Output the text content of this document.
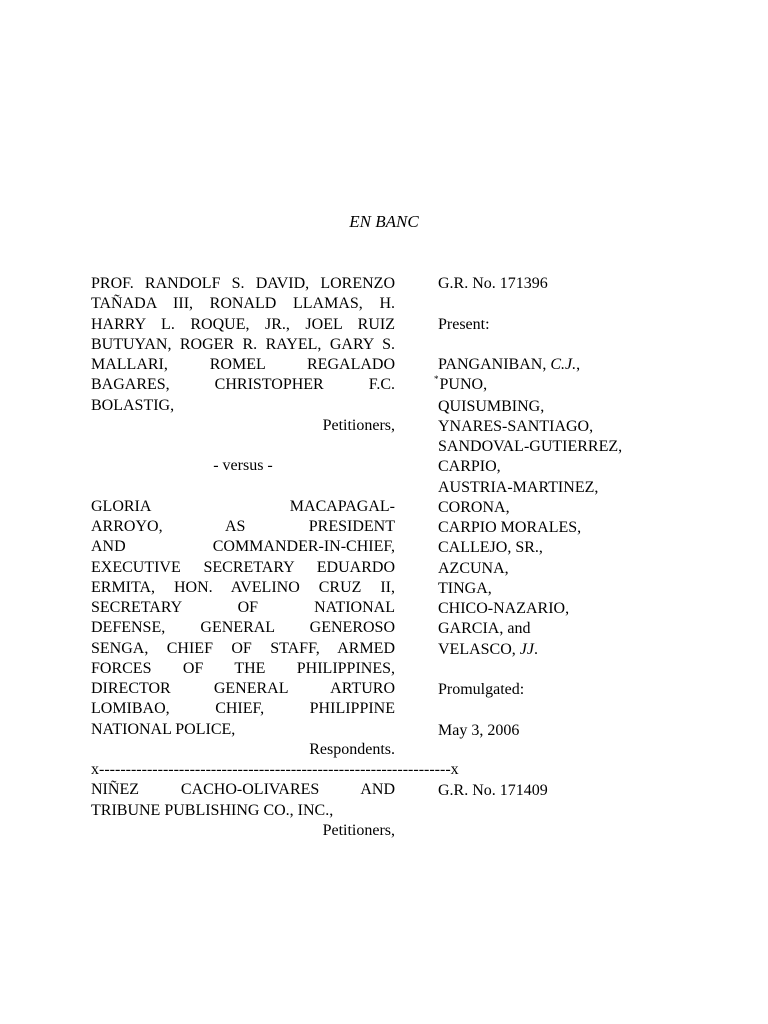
EN BANC
PROF. RANDOLF S. DAVID, LORENZO TAÑADA III, RONALD LLAMAS, H. HARRY L. ROQUE, JR., JOEL RUIZ BUTUYAN, ROGER R. RAYEL, GARY S. MALLARI, ROMEL REGALADO BAGARES, CHRISTOPHER F.C. BOLASTIG,
Petitioners,
- versus -
GLORIA MACAPAGAL-
ARROYO, AS PRESIDENT
AND COMMANDER-IN-CHIEF,
EXECUTIVE SECRETARY EDUARDO
ERMITA, HON. AVELINO CRUZ II,
SECRETARY OF NATIONAL
DEFENSE, GENERAL GENEROSO
SENGA, CHIEF OF STAFF, ARMED
FORCES OF THE PHILIPPINES,
DIRECTOR GENERAL ARTURO
LOMIBAO, CHIEF, PHILIPPINE
NATIONAL POLICE,
Respondents.
x ------------------------------------------------------------------ x
NIÑEZ CACHO-OLIVARES AND
TRIBUNE PUBLISHING CO., INC.,
Petitioners,
G.R. No. 171396
Present:
PANGANIBAN, C.J.,
*PUNO,
QUISUMBING,
YNARES-SANTIAGO,
SANDOVAL-GUTIERREZ,
CARPIO,
AUSTRIA-MARTINEZ,
CORONA,
CARPIO MORALES,
CALLEJO, SR.,
AZCUNA,
TINGA,
CHICO-NAZARIO,
GARCIA, and
VELASCO, JJ.
Promulgated:
May 3, 2006
G.R. No. 171409
